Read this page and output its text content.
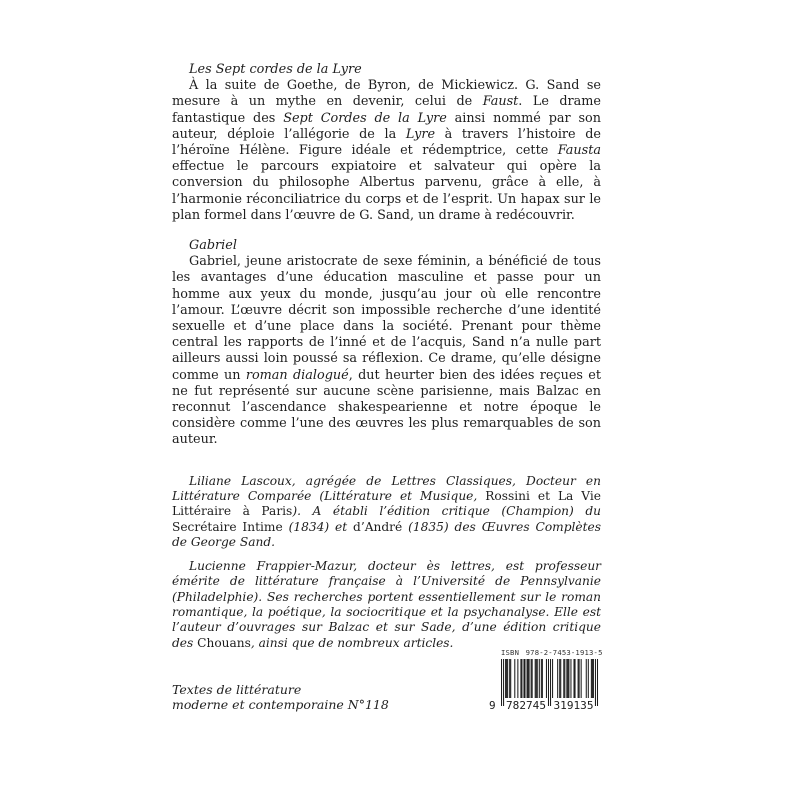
Les Sept cordes de la Lyre

À la suite de Goethe, de Byron, de Mickiewicz. G. Sand se mesure à un mythe en devenir, celui de Faust. Le drame fantastique des Sept Cordes de la Lyre ainsi nommé par son auteur, déploie l’allégorie de la Lyre à travers l’histoire de l’héroïne Hélène. Figure idéale et rédemptrice, cette Fausta effectue le parcours expiatoire et salvateur qui opère la conversion du philosophe Albertus parvenu, grâce à elle, à l’harmonie réconciliatrice du corps et de l’esprit. Un hapax sur le plan formel dans l’œuvre de G. Sand, un drame à redécouvrir.

Gabriel

Gabriel, jeune aristocrate de sexe féminin, a bénéficié de tous les avantages d’une éducation masculine et passe pour un homme aux yeux du monde, jusqu’au jour où elle rencontre l’amour. L’œuvre décrit son impossible recherche d’une identité sexuelle et d’une place dans la société. Prenant pour thème central les rapports de l’inné et de l’acquis, Sand n’a nulle part ailleurs aussi loin poussé sa réflexion. Ce drame, qu’elle désigne comme un roman dialogué, dut heurter bien des idées reçues et ne fut représenté sur aucune scène parisienne, mais Balzac en reconnut l’ascendance shakespearienne et notre époque le considère comme l’une des œuvres les plus remarquables de son auteur.

Liliane Lascoux, agrégée de Lettres Classiques, Docteur en Littérature Comparée (Littérature et Musique, Rossini et La Vie Littéraire à Paris). A établi l’édition critique (Champion) du Secrétaire Intime (1834) et d’André (1835) des Œuvres Complètes de George Sand.

Lucienne Frappier-Mazur, docteur ès lettres, est professeur émérite de littérature française à l’Université de Pennsylvanie (Philadelphie). Ses recherches portent essentiellement sur le roman romantique, la poétique, la sociocritique et la psychanalyse. Elle est l’auteur d’ouvrages sur Balzac et sur Sade, d’une édition critique des Chouans, ainsi que de nombreux articles.

Textes de littérature
moderne et contemporaine N°118
ISBN 978-2-7453-1913-5
9 782745 319135
